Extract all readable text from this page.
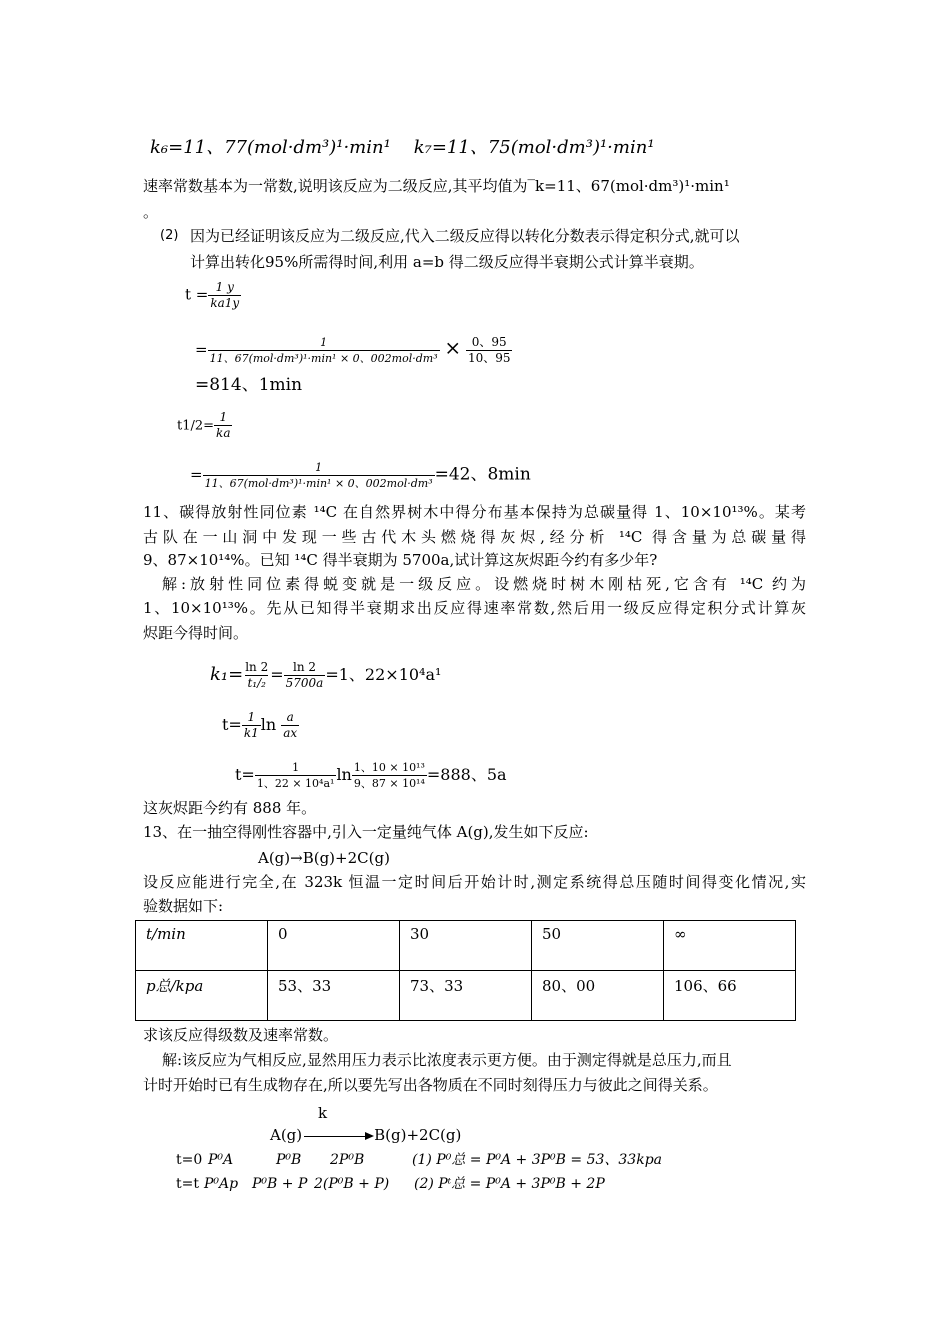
k₆=11、77(mol·dm³)¹·min¹ k₇=11、75(mol·dm³)¹·min¹
速率常数基本为一常数,说明该反应为二级反应,其平均值为‾k=11、67(mol·dm³)¹·min¹
。
(2) 因为已经证明该反应为二级反应,代入二级反应得以转化分数表示得定积分式,就可以
计算出转化95%所需得时间,利用 a=b 得二级反应得半衰期公式计算半衰期。
$t = \frac{1 y}{ka1y}$
= $\frac{1}{\text{11、67(mol·dm³)¹·min¹ × 0、002mol·dm³}} \times \frac{0、95}{10、95}$
=814、1min
$t1/2= \frac{1}{ka}$
= $\frac{1}{\text{11、67(mol·dm³)¹·min¹ × 0、002mol·dm³}} =42$、8min
11、碳得放射性同位素 ¹⁴C 在自然界树木中得分布基本保持为总碳量得 1、10×10¹³%。某考
古队在一山洞中发现一些古代木头燃烧得灰烬,经分析 ¹⁴C 得含量为总碳量得
9、87×10¹⁴%。已知 ¹⁴C 得半衰期为 5700a,试计算这灰烬距今约有多少年?
解:放射性同位素得蜕变就是一级反应。设燃烧时树木刚枯死,它含有 ¹⁴C 约为
1、10×10¹³%。先从已知得半衰期求出反应得速率常数,然后用一级反应得定积分式计算灰
烬距今得时间。
$k_1= \frac{\ln 2}{\text{t₁/₂}} = \frac{\ln 2}{5700a} =1$、22×10⁴a¹
$t= \frac{1}{k1}$ $\ln \frac{a}{ax}$
$t= \frac{1}{\text{1、22 × 10⁴a¹}}$ $\ln \frac{\text{1、10 × 10¹³}}{\text{9、87 × 10¹⁴}} =888$、5a
这灰烬距今约有 888 年。
13、在一抽空得刚性容器中,引入一定量纯气体 A(g),发生如下反应:
A(g)→B(g)+2C(g)
设反应能进行完全,在 323k 恒温一定时间后开始计时,测定系统得总压随时间得变化情况,实
验数据如下:
t/min	0	30	50	∞
p总/kpa	53、33	73、33	80、00	106、66
求该反应得级数及速率常数。
解:该反应为气相反应,显然用压力表示比浓度表示更方便。由于测定得就是总压力,而且
计时开始时已有生成物存在,所以要先写出各物质在不同时刻得压力与彼此之间得关系。
k
A(g)	B(g)+2C(g)
t=0 P⁰A	P⁰B 2P⁰B	(1) P⁰总 = P⁰A + 3P⁰B = 53、33kpa
t=t P⁰Ap P⁰B + P 2(P⁰B + P) (2) Pᵗ总 = P⁰A + 3P⁰B + 2P
